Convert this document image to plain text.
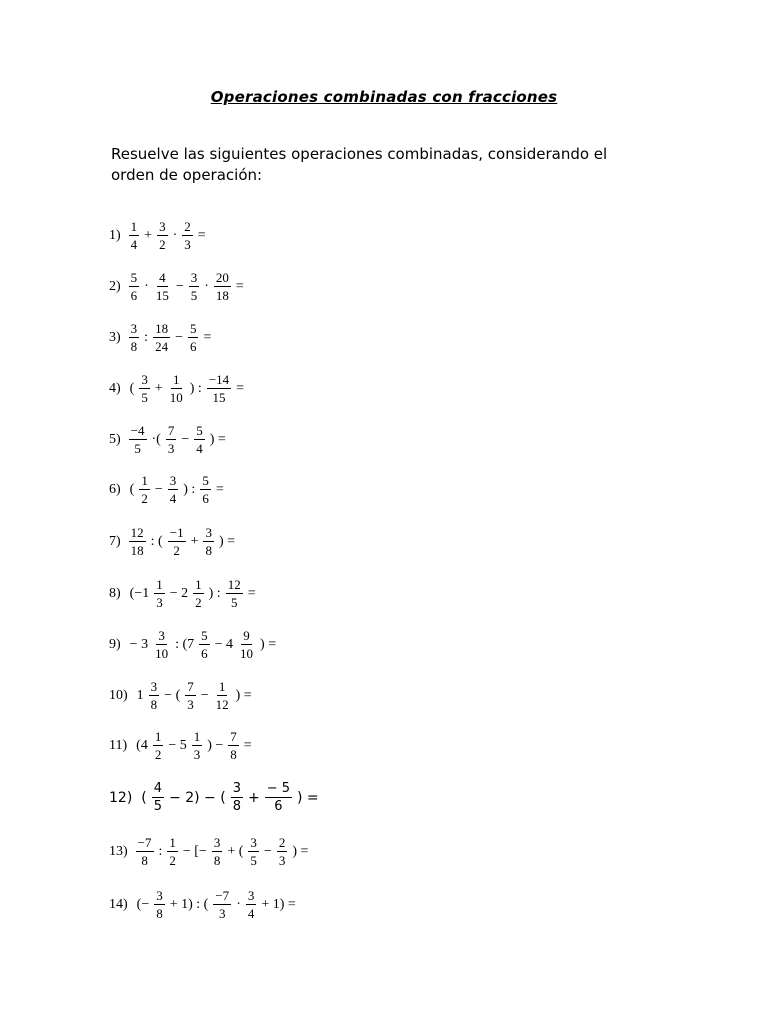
Operaciones combinadas con fracciones
Resuelve las siguientes operaciones combinadas, considerando el orden de operación:
$1) \frac{1}{4} + \frac{3}{2} \cdot \frac{2}{3}$ =
$2) \frac{5}{6} \cdot \frac{4}{15} - \frac{3}{5} \cdot \frac{20}{18}$ =
$3) \frac{3}{8}$ : $\frac{18}{24} - \frac{5}{6}$ =
4) ( $\frac{3}{5} + \frac{1}{10}$ ) : $\frac{-14}{15}$ =
$5) \frac{-4}{5}$ ·( $\frac{7}{3} - \frac{5}{4}$ ) =
6) ( $\frac{1}{2} - \frac{3}{4}$ ) : $\frac{5}{6}$ =
$7) \frac{12}{18}$ : ( $\frac{-1}{2} + \frac{3}{8}$ ) =
8) ($-1 \frac{1}{3} - 2 \frac{1}{2}$ ) : $\frac{12}{5}$ =
$9) - 3 \frac{3}{10}$ : ($7 \frac{5}{6} - 4 \frac{9}{10}$ ) =
10) $1 \frac{3}{8}$ − ( $\frac{7}{3} - \frac{1}{12}$ ) =
11) ($4 \frac{1}{2} - 5 \frac{1}{3}$ ) − $\frac{7}{8}$ =
12) ( $\frac{4}{5} - 2$) − ( $\frac{3}{8} + \frac{- 5}{6}$ ) =
$13) \frac{-7}{8}$ : $\frac{1}{2}$ − [− $\frac{3}{8}$ + ( $\frac{3}{5} - \frac{2}{3}$ ) =
14) (− $\frac{3}{8} + 1$) : ( $\frac{-7}{3} \cdot \frac{3}{4} + 1$) =
